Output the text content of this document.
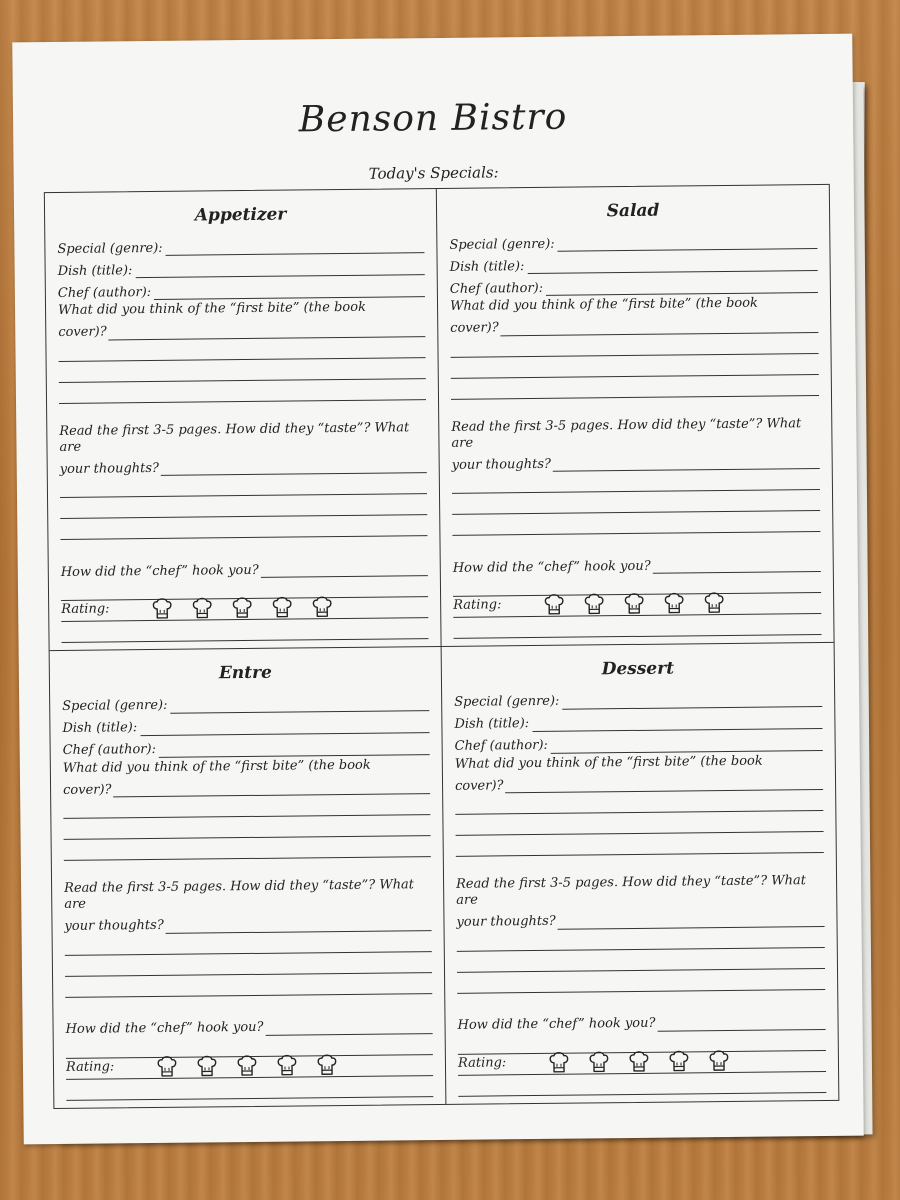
Benson Bistro
Today's Specials:
Appetizer
Special (genre):
Dish (title):
Chef (author):
What did you think of the “first bite” (the book
cover)?
Read the first 3-5 pages. How did they “taste”? What are
your thoughts?
How did the “chef” hook you?
Rating:
Salad
Special (genre):
Dish (title):
Chef (author):
What did you think of the “first bite” (the book
cover)?
Read the first 3-5 pages. How did they “taste”? What are
your thoughts?
How did the “chef” hook you?
Rating:
Entre
Special (genre):
Dish (title):
Chef (author):
What did you think of the “first bite” (the book
cover)?
Read the first 3-5 pages. How did they “taste”? What are
your thoughts?
How did the “chef” hook you?
Rating:
Dessert
Special (genre):
Dish (title):
Chef (author):
What did you think of the “first bite” (the book
cover)?
Read the first 3-5 pages. How did they “taste”? What are
your thoughts?
How did the “chef” hook you?
Rating:
